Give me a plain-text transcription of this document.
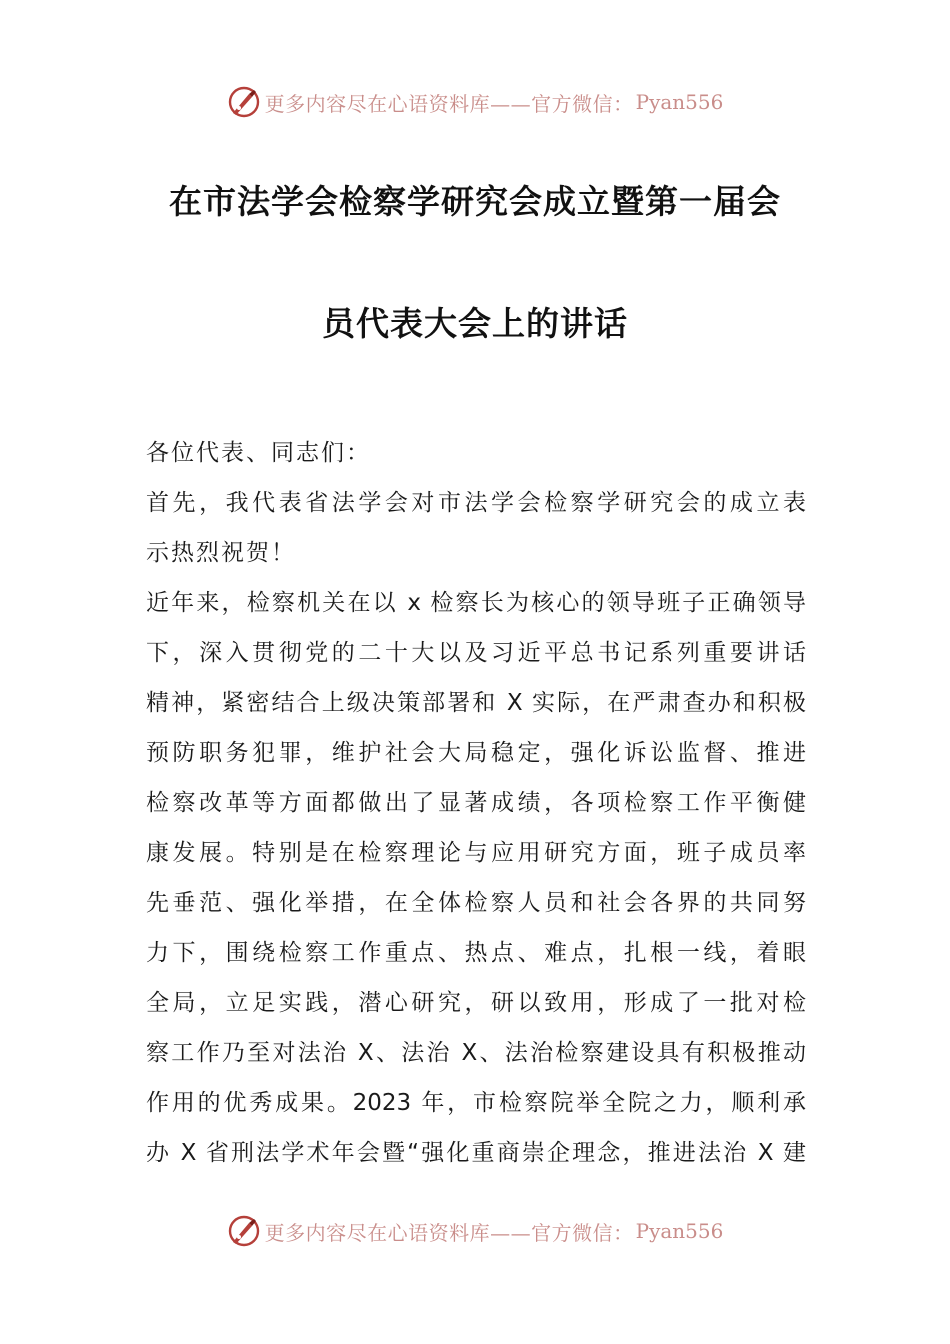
更多内容尽在心语资料库——官方微信： Pyan556
在市法学会检察学研究会成立暨第一届会
员代表大会上的讲话
各位代表、同志们：
首先，我代表省法学会对市法学会检察学研究会的成立表
示热烈祝贺！
近年来，检察机关在以 x 检察长为核心的领导班子正确领导
下，深入贯彻党的二十大以及习近平总书记系列重要讲话
精神，紧密结合上级决策部署和 X 实际，在严肃查办和积极
预防职务犯罪，维护社会大局稳定，强化诉讼监督、推进
检察改革等方面都做出了显著成绩，各项检察工作平衡健
康发展。特别是在检察理论与应用研究方面，班子成员率
先垂范、强化举措，在全体检察人员和社会各界的共同努
力下，围绕检察工作重点、热点、难点，扎根一线，着眼
全局，立足实践，潜心研究，研以致用，形成了一批对检
察工作乃至对法治 X、法治 X、法治检察建设具有积极推动
作用的优秀成果。2023 年，市检察院举全院之力，顺利承
办 X 省刑法学术年会暨“强化重商崇企理念，推进法治 X 建
更多内容尽在心语资料库——官方微信： Pyan556
